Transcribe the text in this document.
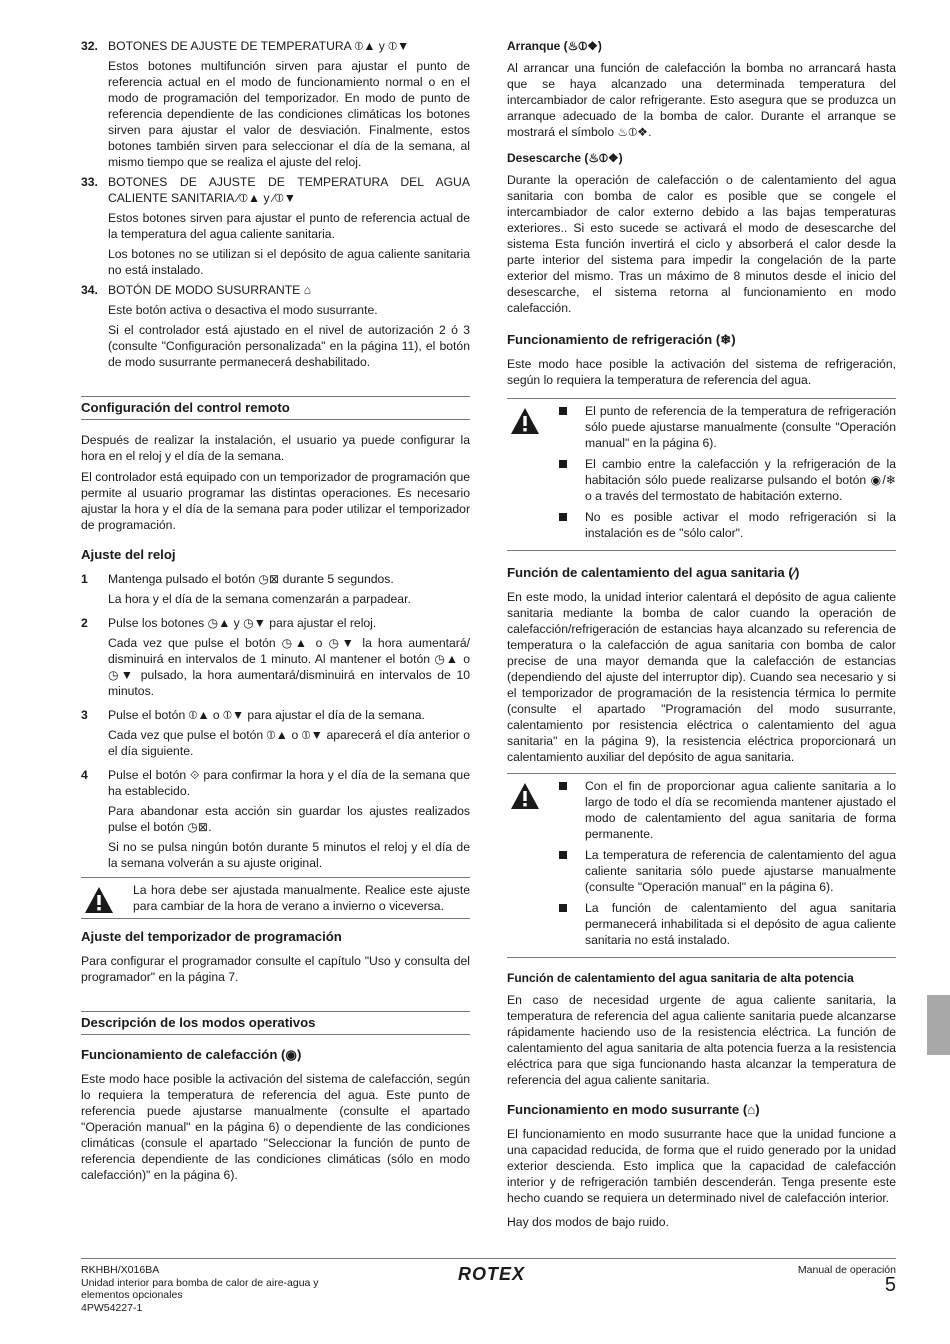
32. BOTONES DE AJUSTE DE TEMPERATURA ⦶▲ y ⦶▼

Estos botones multifunción sirven para ajustar el punto de referencia actual en el modo de funcionamiento normal o en el modo de programación del temporizador. En modo de punto de referencia dependiente de las condiciones climáticas los botones sirven para ajustar el valor de desviación. Finalmente, estos botones también sirven para seleccionar el día de la semana, al mismo tiempo que se realiza el ajuste del reloj.

33. BOTONES DE AJUSTE DE TEMPERATURA DEL AGUA CALIENTE SANITARIA ⁄⦶▲ y ⁄⦶▼

Estos botones sirven para ajustar el punto de referencia actual de la temperatura del agua caliente sanitaria.

Los botones no se utilizan si el depósito de agua caliente sanitaria no está instalado.

34. BOTÓN DE MODO SUSURRANTE ⌂

Este botón activa o desactiva el modo susurrante.

Si el controlador está ajustado en el nivel de autorización 2 ó 3 (consulte "Configuración personalizada" en la página 11), el botón de modo susurrante permanecerá deshabilitado.

Configuración del control remoto

Después de realizar la instalación, el usuario ya puede configurar la hora en el reloj y el día de la semana.

El controlador está equipado con un temporizador de programación que permite al usuario programar las distintas operaciones. Es necesario ajustar la hora y el día de la semana para poder utilizar el temporizador de programación.

Ajuste del reloj
1 Mantenga pulsado el botón ◷⊠ durante 5 segundos.

La hora y el día de la semana comenzarán a parpadear.

2 Pulse los botones ◷▲ y ◷▼ para ajustar el reloj.

Cada vez que pulse el botón ◷▲ o ◷▼ la hora aumentará/ disminuirá en intervalos de 1 minuto. Al mantener el botón ◷▲ o ◷▼ pulsado, la hora aumentará/disminuirá en intervalos de 10 minutos.

3 Pulse el botón ⦶▲ o ⦶▼ para ajustar el día de la semana.

Cada vez que pulse el botón ⦶▲ o ⦶▼ aparecerá el día anterior o el día siguiente.

4 Pulse el botón ⟐ para confirmar la hora y el día de la semana que ha establecido.

Para abandonar esta acción sin guardar los ajustes realizados pulse el botón ◷⊠.

Si no se pulsa ningún botón durante 5 minutos el reloj y el día de la semana volverán a su ajuste original.

La hora debe ser ajustada manualmente. Realice este ajuste para cambiar de la hora de verano a invierno o viceversa.
Ajuste del temporizador de programación

Para configurar el programador consulte el capítulo "Uso y consulta del programador" en la página 7.

Descripción de los modos operativos
Funcionamiento de calefacción (◉)

Este modo hace posible la activación del sistema de calefacción, según lo requiera la temperatura de referencia del agua. Este punto de referencia puede ajustarse manualmente (consulte el apartado "Operación manual" en la página 6) o dependiente de las condiciones climáticas (consule el apartado "Seleccionar la función de punto de referencia dependiente de las condiciones climáticas (sólo en modo calefacción)" en la página 6).

Arranque (♨⦶❖)

Al arrancar una función de calefacción la bomba no arrancará hasta que se haya alcanzado una determinada temperatura del intercambiador de calor refrigerante. Esto asegura que se produzca un arranque adecuado de la bomba de calor. Durante el arranque se mostrará el símbolo ♨⦶❖.

Desescarche (♨⦶❖)

Durante la operación de calefacción o de calentamiento del agua sanitaria con bomba de calor es posible que se congele el intercambiador de calor externo debido a las bajas temperaturas exteriores.. Si esto sucede se activará el modo de desescarche del sistema Esta función invertirá el ciclo y absorberá el calor desde la parte interior del sistema para impedir la congelación de la parte exterior del mismo. Tras un máximo de 8 minutos desde el inicio del desescarche, el sistema retorna al funcionamiento en modo calefacción.

Funcionamiento de refrigeración (❄)

Este modo hace posible la activación del sistema de refrigeración, según lo requiera la temperatura de referencia del agua.

El punto de referencia de la temperatura de refrigeración sólo puede ajustarse manualmente (consulte "Operación manual" en la página 6).
El cambio entre la calefacción y la refrigeración de la habitación sólo puede realizarse pulsando el botón ◉/❄ o a través del termostato de habitación externo.
No es posible activar el modo refrigeración si la instalación es de "sólo calor".
Función de calentamiento del agua sanitaria (⁄)

En este modo, la unidad interior calentará el depósito de agua caliente sanitaria mediante la bomba de calor cuando la operación de calefacción/refrigeración de estancias haya alcanzado su referencia de temperatura o la calefacción de agua sanitaria con bomba de calor precise de una mayor demanda que la calefacción de estancias (dependiendo del ajuste del interruptor dip). Cuando sea necesario y si el temporizador de programación de la resistencia térmica lo permite (consulte el apartado "Programación del modo susurrante, calentamiento por resistencia eléctrica o calentamiento del agua sanitaria" en la página 9), la resistencia eléctrica proporcionará un calentamiento auxiliar del depósito de agua sanitaria.

Con el fin de proporcionar agua caliente sanitaria a lo largo de todo el día se recomienda mantener ajustado el modo de calentamiento del agua sanitaria de forma permanente.
La temperatura de referencia de calentamiento del agua caliente sanitaria sólo puede ajustarse manualmente (consulte "Operación manual" en la página 6).
La función de calentamiento del agua sanitaria permanecerá inhabilitada si el depósito de agua caliente sanitaria no está instalado.
Función de calentamiento del agua sanitaria de alta potencia

En caso de necesidad urgente de agua caliente sanitaria, la temperatura de referencia del agua caliente sanitaria puede alcanzarse rápidamente haciendo uso de la resistencia eléctrica. La función de calentamiento del agua sanitaria de alta potencia fuerza a la resistencia eléctrica para que siga funcionando hasta alcanzar la temperatura de referencia del agua caliente sanitaria.

Funcionamiento en modo susurrante (⌂)

El funcionamiento en modo susurrante hace que la unidad funcione a una capacidad reducida, de forma que el ruido generado por la unidad exterior descienda. Esto implica que la capacidad de calefacción interior y de refrigeración también descenderán. Tenga presente este hecho cuando se requiera un determinado nivel de calefacción interior.

Hay dos modos de bajo ruido.

RKHBH/X016BA
Unidad interior para bomba de calor de aire-agua y
elementos opcionales
4PW54227-1
ROTEX	Manual de operación
5
